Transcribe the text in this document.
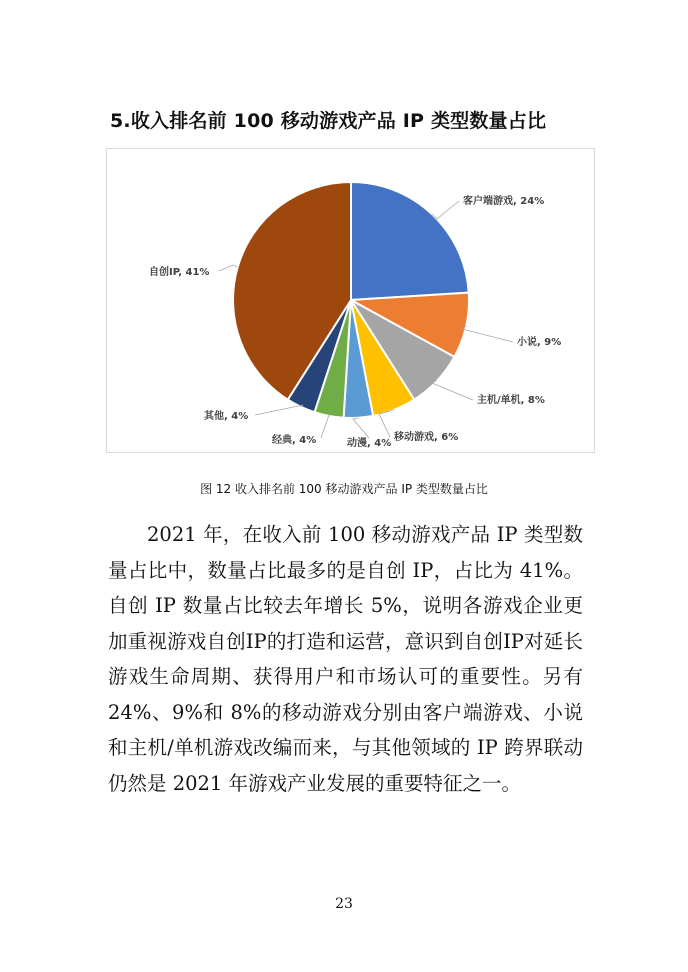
5.收入排名前 100 移动游戏产品 IP 类型数量占比
客户端游戏, 24%
小说, 9%
主机/单机, 8%
移动游戏, 6%
动漫, 4%
经典, 4%
其他, 4%
自创IP, 41%
图 12 收入排名前 100 移动游戏产品 IP 类型数量占比

2021 年，在收入前 100 移动游戏产品 IP 类型数量占比中，数量占比最多的是自创 IP，占比为 41%。自创 IP 数量占比较去年增长 5%，说明各游戏企业更加重视游戏自创IP的打造和运营，意识到自创IP对延长游戏生命周期、获得用户和市场认可的重要性。另有 24%、9%和 8%的移动游戏分别由客户端游戏、小说和主机/单机游戏改编而来，与其他领域的 IP 跨界联动仍然是 2021 年游戏产业发展的重要特征之一。

23
